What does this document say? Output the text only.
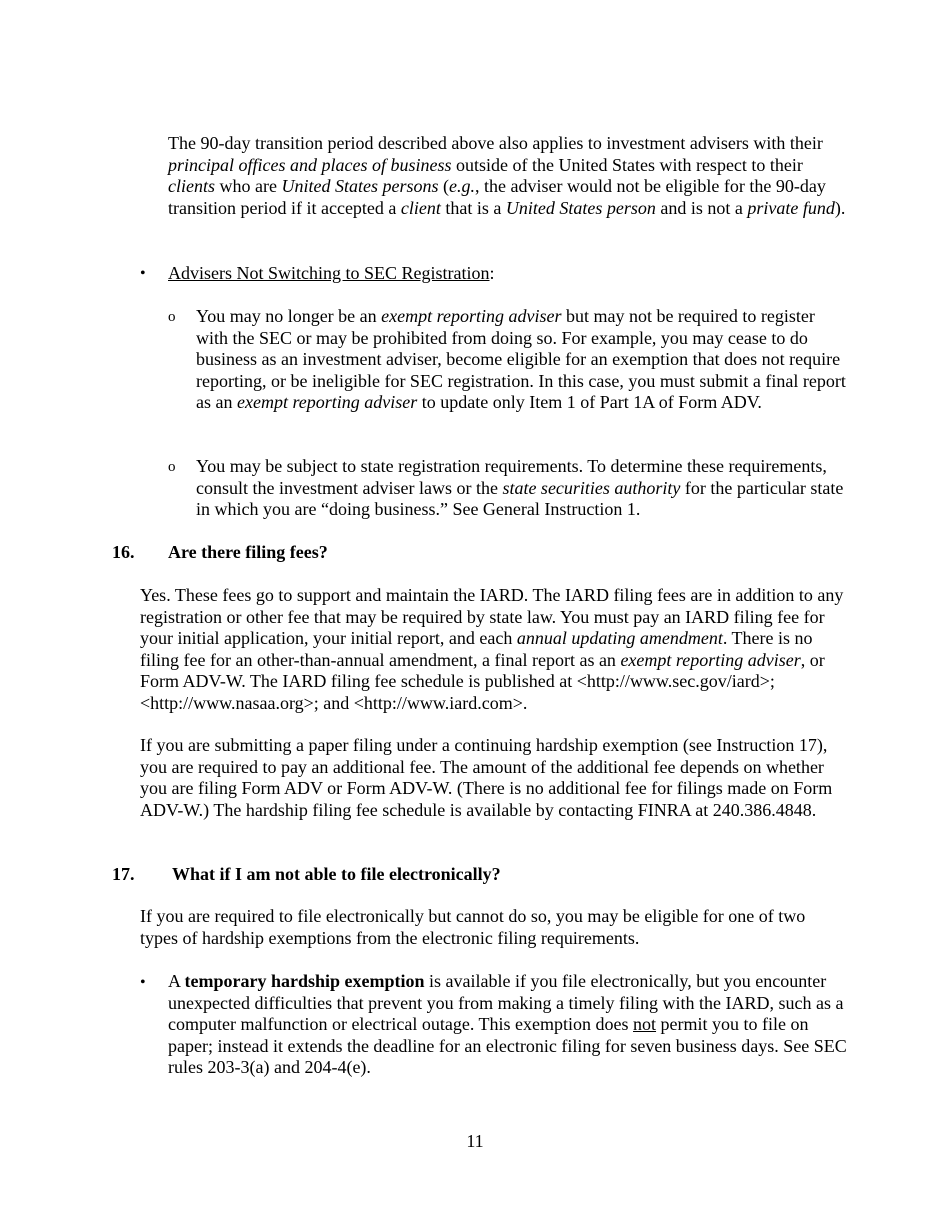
The 90-day transition period described above also applies to investment advisers with their principal offices and places of business outside of the United States with respect to their clients who are United States persons (e.g., the adviser would not be eligible for the 90-day transition period if it accepted a client that is a United States person and is not a private fund).

• Advisers Not Switching to SEC Registration:

o You may no longer be an exempt reporting adviser but may not be required to register with the SEC or may be prohibited from doing so. For example, you may cease to do business as an investment adviser, become eligible for an exemption that does not require reporting, or be ineligible for SEC registration. In this case, you must submit a final report as an exempt reporting adviser to update only Item 1 of Part 1A of Form ADV.

o You may be subject to state registration requirements. To determine these requirements, consult the investment adviser laws or the state securities authority for the particular state in which you are “doing business.” See General Instruction 1.

16. Are there filing fees?

Yes. These fees go to support and maintain the IARD. The IARD filing fees are in addition to any registration or other fee that may be required by state law. You must pay an IARD filing fee for your initial application, your initial report, and each annual updating amendment. There is no filing fee for an other-than-annual amendment, a final report as an exempt reporting adviser, or Form ADV-W. The IARD filing fee schedule is published at <http://www.sec.gov/iard>; <http://www.nasaa.org>; and <http://www.iard.com>.

If you are submitting a paper filing under a continuing hardship exemption (see Instruction 17), you are required to pay an additional fee. The amount of the additional fee depends on whether you are filing Form ADV or Form ADV-W. (There is no additional fee for filings made on Form ADV-W.) The hardship filing fee schedule is available by contacting FINRA at 240.386.4848.

17. What if I am not able to file electronically?

If you are required to file electronically but cannot do so, you may be eligible for one of two types of hardship exemptions from the electronic filing requirements.

• A temporary hardship exemption is available if you file electronically, but you encounter unexpected difficulties that prevent you from making a timely filing with the IARD, such as a computer malfunction or electrical outage. This exemption does not permit you to file on paper; instead it extends the deadline for an electronic filing for seven business days. See SEC rules 203-3(a) and 204-4(e).

11
